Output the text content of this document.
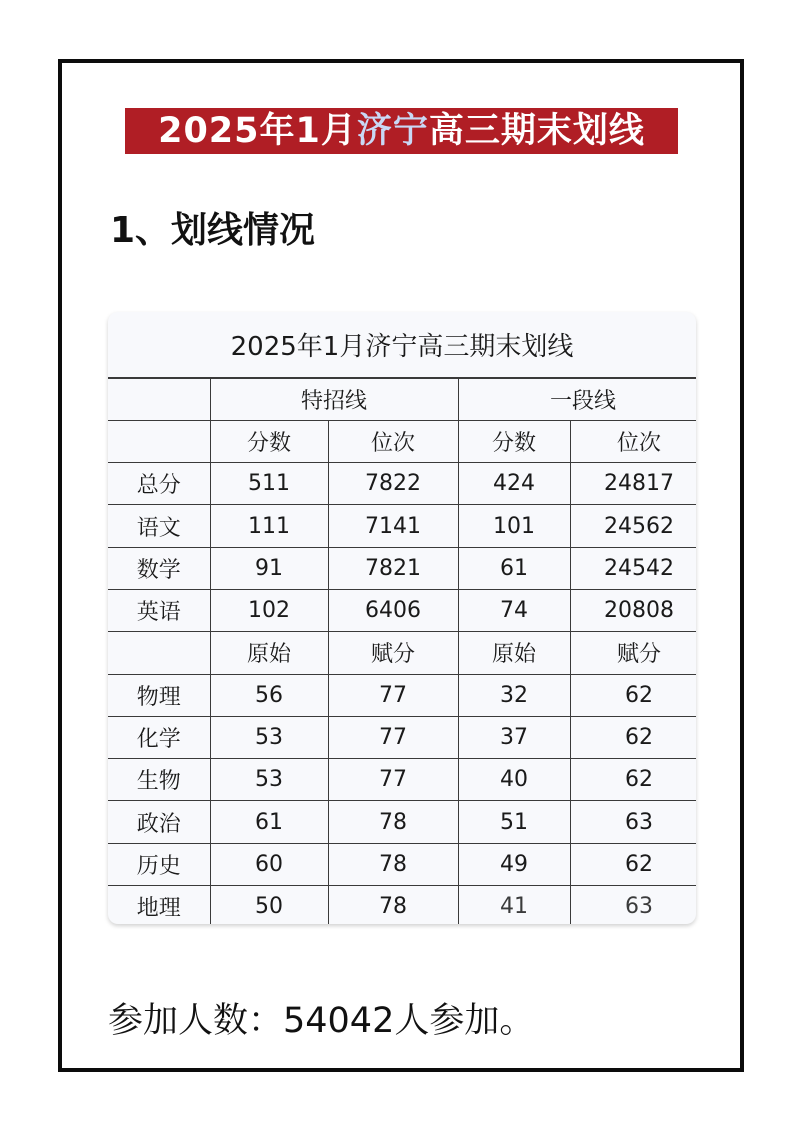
2025年1月济宁高三期末划线
1、划线情况
2025年1月济宁高三期末划线
	特招线		一段线	
	分数	位次	分数	位次
总分	511	7822	424	24817
语文	111	7141	101	24562
数学	91	7821	61	24542
英语	102	6406	74	20808
	原始	赋分	原始	赋分
物理	56	77	32	62
化学	53	77	37	62
生物	53	77	40	62
政治	61	78	51	63
历史	60	78	49	62
地理	50	78	41	63
参加人数：54042人参加。
